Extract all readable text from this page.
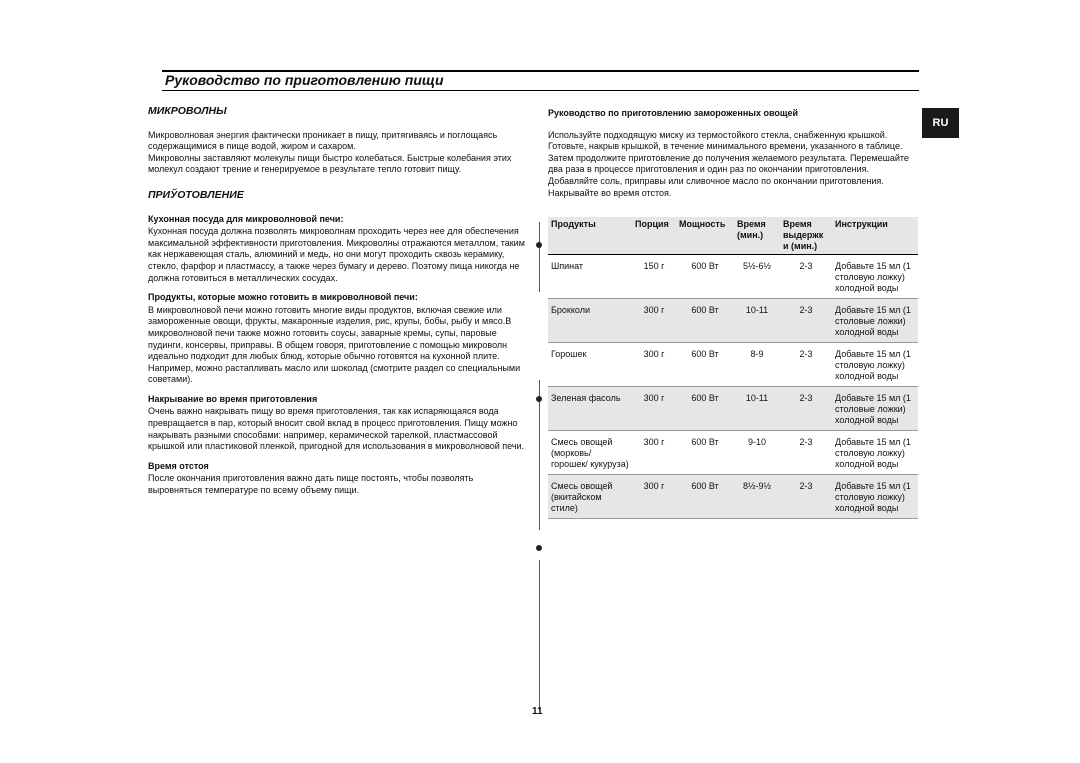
Руководство по приготовлению пищи
RU
МИКРОВОЛНЫ

Микроволновая энергия фактически проникает в пищу, притягиваясь и поглощаясь содержащимися в пище водой, жиром и сахаром.

Микроволны заставляют молекулы пищи быстро колебаться. Быстрые колебания этих молекул создают трение и генерируемое в результате тепло готовит пищу.

ПРИЎОТОВЛЕНИЕ
Кухонная посуда для микроволновой печи:

Кухонная посуда должна позволять микроволнам проходить через нее для обеспечения максимальной эффективности приготовления. Микроволны отражаются металлом, таким как нержавеющая сталь, алюминий и медь, но они могут проходить сквозь керамику, стекло, фарфор и пластмассу, а также через бумагу и дерево. Поэтому пища никогда не должна готовиться в металлических сосудах.

Продукты, которые можно готовить в микроволновой печи:

В микроволновой печи можно готовить многие виды продуктов, включая свежие или замороженные овощи, фрукты, макаронные изделия, рис, крупы, бобы, рыбу и мясо.В микроволновой печи также можно готовить соусы, заварные кремы, супы, паровые пудинги, консервы, приправы. В общем говоря, приготовление с помощью микроволн идеально подходит для любых блюд, которые обычно готовятся на кухонной плите. Например, можно растапливать масло или шоколад (смотрите раздел со специальными советами).

Накрывание во время приготовления

Очень важно накрывать пищу во время приготовления, так как испаряющаяся вода превращается в пар, который вносит свой вклад в процесс приготовления. Пищу можно накрывать разными способами: например, керамической тарелкой, пластмассовой крышкой или пластиковой пленкой, пригодной для использования в микроволновой печи.

Время отстоя

После окончания приготовления важно дать пище постоять, чтобы позволять выровняться температуре по всему объему пищи.

Руководство по приготовлению замороженных овощей

Используйте подходящую миску из термостойкого стекла, снабженную крышкой. Готовьте, накрыв крышкой, в течение минимального времени, указанного в таблице. Затем продолжите приготовление до получения желаемого результата. Перемешайте два раза в процессе приготовления и один раз по окончании приготовления. Добавляйте соль, приправы или сливочное масло по окончании приготовления. Накрывайте во время отстоя.

Продукты	Порция	Мощность	Время (мин.)	Время выдержк и (мин.)	Инструкции
Шпинат	150 г	600 Вт	5½-6½	2-3	Добавьте 15 мл (1 столовую ложку) холодной воды
Брокколи	300 г	600 Вт	10-11	2-3	Добавьте 15 мл (1 столовые ложки) холодной воды
Горошек	300 г	600 Вт	8-9	2-3	Добавьте 15 мл (1 столовую ложку) холодной воды
Зеленая фасоль	300 г	600 Вт	10-11	2-3	Добавьте 15 мл (1 столовые ложки) холодной воды
Смесь овощей (морковь/ горошек/ кукуруза)	300 г	600 Вт	9-10	2-3	Добавьте 15 мл (1 столовую ложку) холодной воды
Смесь овощей (вкитайском стиле)	300 г	600 Вт	8½-9½	2-3	Добавьте 15 мл (1 столовую ложку) холодной воды
11
